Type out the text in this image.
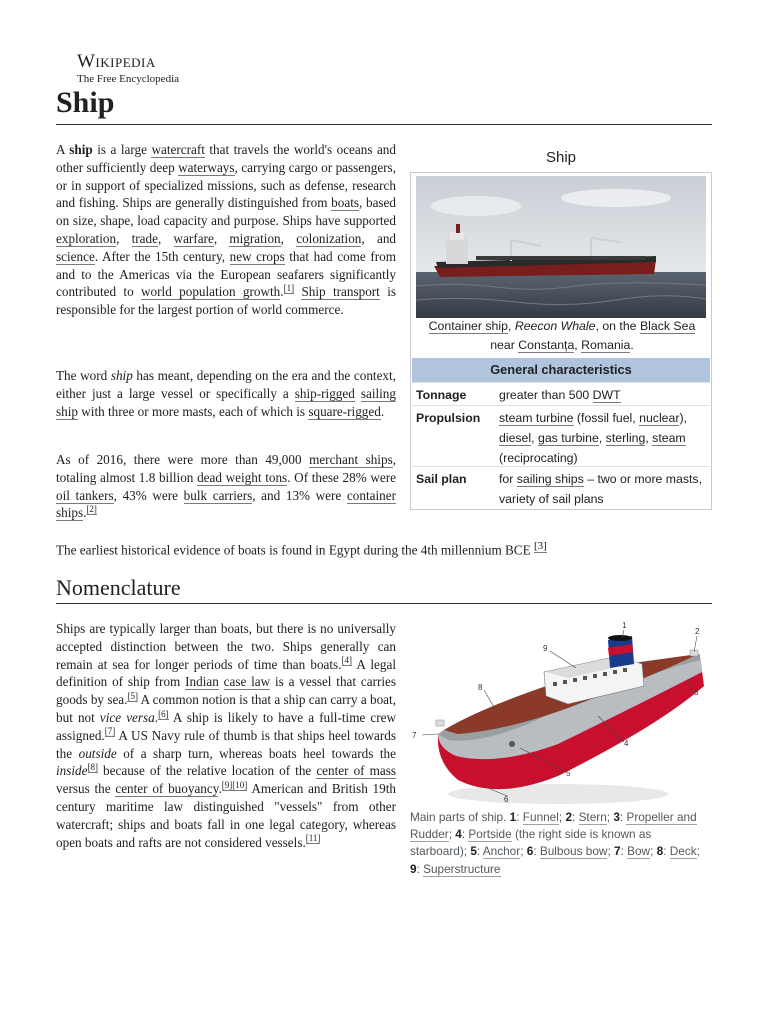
Wikipedia
The Free Encyclopedia
Ship

A ship is a large watercraft that travels the world's oceans and other sufficiently deep waterways, carrying cargo or passengers, or in support of specialized missions, such as defense, research and fishing. Ships are generally distinguished from boats, based on size, shape, load capacity and purpose. Ships have supported exploration, trade, warfare, migration, colonization, and science. After the 15th century, new crops that had come from and to the Americas via the European seafarers significantly contributed to world population growth.[1] Ship transport is responsible for the largest portion of world commerce.

The word ship has meant, depending on the era and the context, either just a large vessel or specifically a ship-rigged sailing ship with three or more masts, each of which is square-rigged.

As of 2016, there were more than 49,000 merchant ships, totaling almost 1.8 billion dead weight tons. Of these 28% were oil tankers, 43% were bulk carriers, and 13% were container ships.[2]

The earliest historical evidence of boats is found in Egypt during the 4th millennium BCE [3]
Ship
Container ship, Reecon Whale, on the Black Sea near Constanța, Romania.
General characteristics
Tonnage	greater than 500 DWT
Propulsion steam turbine (fossil fuel, nuclear), diesel, gas turbine, sterling, steam (reciprocating)
Sail plan	for sailing ships – two or more masts, variety of sail plans
Nomenclature

Ships are typically larger than boats, but there is no universally accepted distinction between the two. Ships generally can remain at sea for longer periods of time than boats.[4] A legal definition of ship from Indian case law is a vessel that carries goods by sea.[5] A common notion is that a ship can carry a boat, but not vice versa.[6] A ship is likely to have a full-time crew assigned.[7] A US Navy rule of thumb is that ships heel towards the outside of a sharp turn, whereas boats heel towards the inside[8] because of the relative location of the center of mass versus the center of buoyancy.[9][10] American and British 19th century maritime law distinguished "vessels" from other watercraft; ships and boats fall in one legal category, whereas open boats and rafts are not considered vessels.[11]

1
2
3
4
5
6
7
8
9
Main parts of ship. 1: Funnel; 2: Stern; 3: Propeller and Rudder; 4: Portside (the right side is known as starboard); 5: Anchor; 6: Bulbous bow; 7: Bow; 8: Deck; 9: Superstructure
